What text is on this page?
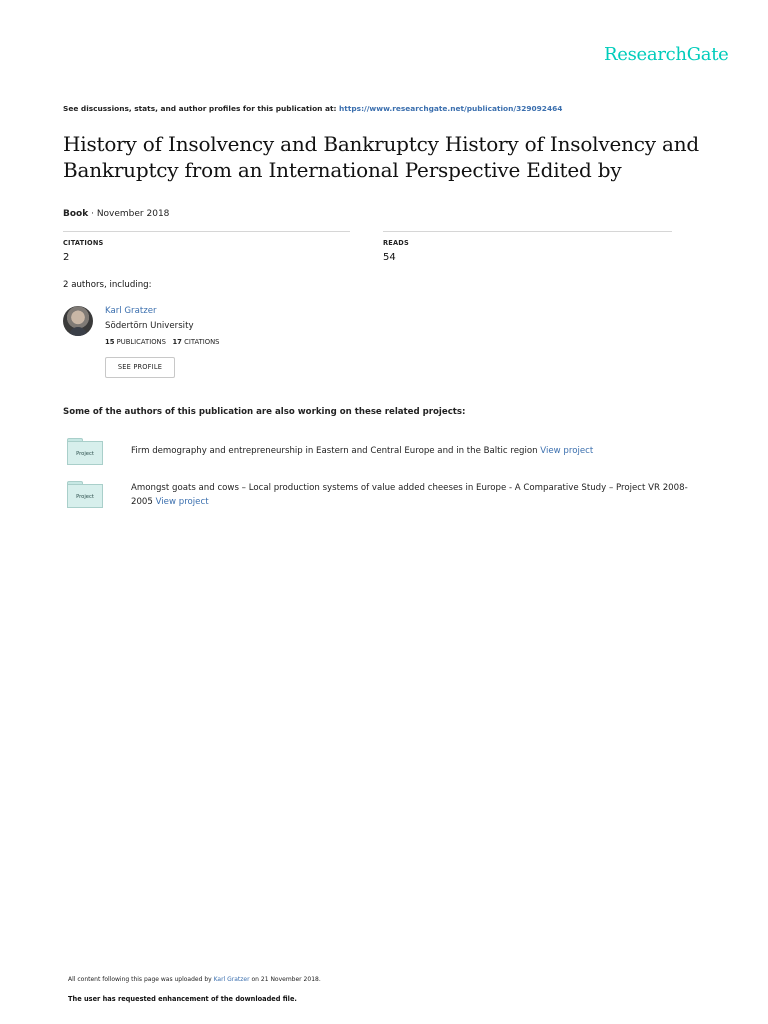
ResearchGate
See discussions, stats, and author profiles for this publication at: https://www.researchgate.net/publication/329092464
History of Insolvency and Bankruptcy History of Insolvency and Bankruptcy from an International Perspective Edited by
Book · November 2018
CITATIONS
2
READS
54
2 authors, including:
Karl Gratzer
Södertörn University
15 PUBLICATIONS 17 CITATIONS
SEE PROFILE
Some of the authors of this publication are also working on these related projects:
Project	Firm demography and entrepreneurship in Eastern and Central Europe and in the Baltic region View project
Project
Amongst goats and cows – Local production systems of value added cheeses in Europe - A Comparative Study – Project VR 2008-2005 View project
All content following this page was uploaded by Karl Gratzer on 21 November 2018.
The user has requested enhancement of the downloaded file.
